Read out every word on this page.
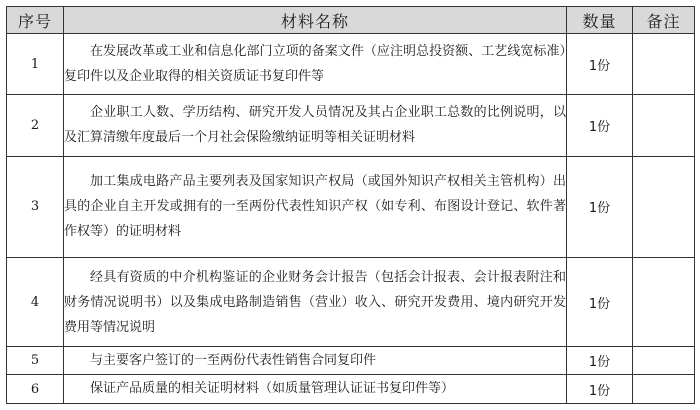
序号	材料名称	数量	备注
1	在发展改革或工业和信息化部门立项的备案文件（应注明总投资额、工艺线宽标准）复印件以及企业取得的相关资质证书复印件等	1份	
2	企业职工人数、学历结构、研究开发人员情况及其占企业职工总数的比例说明，以及汇算清缴年度最后一个月社会保险缴纳证明等相关证明材料	1份	
3	加工集成电路产品主要列表及国家知识产权局（或国外知识产权相关主管机构）出具的企业自主开发或拥有的一至两份代表性知识产权（如专利、布图设计登记、软件著作权等）的证明材料	1份	
4	经具有资质的中介机构鉴证的企业财务会计报告（包括会计报表、会计报表附注和财务情况说明书）以及集成电路制造销售（营业）收入、研究开发费用、境内研究开发费用等情况说明	1份	
5	与主要客户签订的一至两份代表性销售合同复印件	1份	
6	保证产品质量的相关证明材料（如质量管理认证证书复印件等）	1份	
